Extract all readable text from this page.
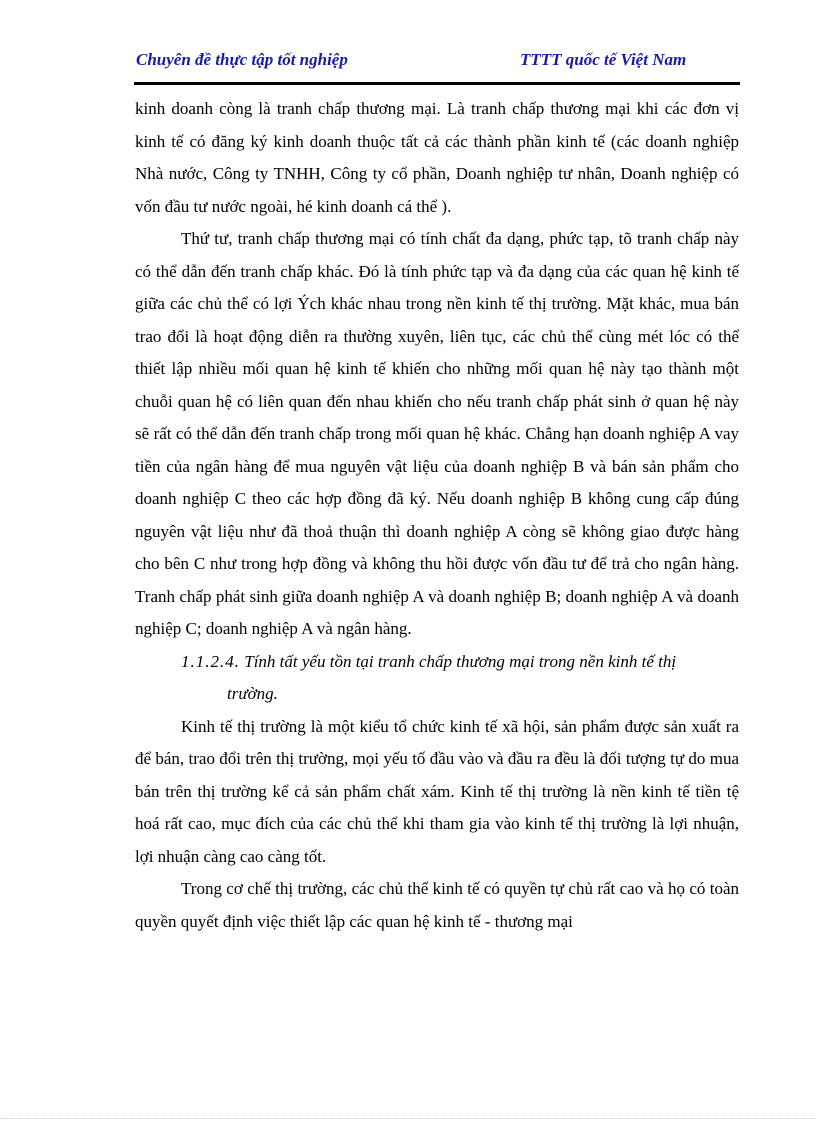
Chuyên đề thực tập tốt nghiệp	TTTT quốc tế Việt Nam

kinh doanh còng là tranh chấp thương mại. Là tranh chấp thương mại khi các đơn vị kinh tế có đăng ký kinh doanh thuộc tất cả các thành phần kinh tế (các doanh nghiệp Nhà nước, Công ty TNHH, Công ty cổ phần, Doanh nghiệp tư nhân, Doanh nghiệp có vốn đầu tư nước ngoài, hé kinh doanh cá thể ).

Thứ tư, tranh chấp thương mại có tính chất đa dạng, phức tạp, tõ tranh chấp này có thể dẫn đến tranh chấp khác. Đó là tính phức tạp và đa dạng của các quan hệ kinh tế giữa các chủ thể có lợi Ých khác nhau trong nền kinh tế thị trường. Mặt khác, mua bán trao đổi là hoạt động diễn ra thường xuyên, liên tục, các chủ thể cùng mét lóc có thể thiết lập nhiều mối quan hệ kinh tế khiến cho những mối quan hệ này tạo thành một chuỗi quan hệ có liên quan đến nhau khiến cho nếu tranh chấp phát sinh ở quan hệ này sẽ rất có thể dẫn đến tranh chấp trong mối quan hệ khác. Chẳng hạn doanh nghiệp A vay tiền của ngân hàng để mua nguyên vật liệu của doanh nghiệp B và bán sản phẩm cho doanh nghiệp C theo các hợp đồng đã ký. Nếu doanh nghiệp B không cung cấp đúng nguyên vật liệu như đã thoả thuận thì doanh nghiệp A còng sẽ không giao được hàng cho bên C như trong hợp đồng và không thu hồi được vốn đầu tư để trả cho ngân hàng. Tranh chấp phát sinh giữa doanh nghiệp A và doanh nghiệp B; doanh nghiệp A và doanh nghiệp C; doanh nghiệp A và ngân hàng.

1.1.2.4. Tính tất yếu tồn tại tranh chấp thương mại trong nền kinh tế thị
trường.

Kinh tế thị trường là một kiểu tổ chức kinh tế xã hội, sản phẩm được sản xuất ra để bán, trao đổi trên thị trường, mọi yếu tố đầu vào và đầu ra đều là đối tượng tự do mua bán trên thị trường kể cả sản phẩm chất xám. Kinh tế thị trường là nền kinh tế tiền tệ hoá rất cao, mục đích của các chủ thể khi tham gia vào kinh tế thị trường là lợi nhuận, lợi nhuận càng cao càng tốt.

Trong cơ chế thị trường, các chủ thể kinh tế có quyền tự chủ rất cao và họ có toàn quyền quyết định việc thiết lập các quan hệ kinh tế - thương mại
